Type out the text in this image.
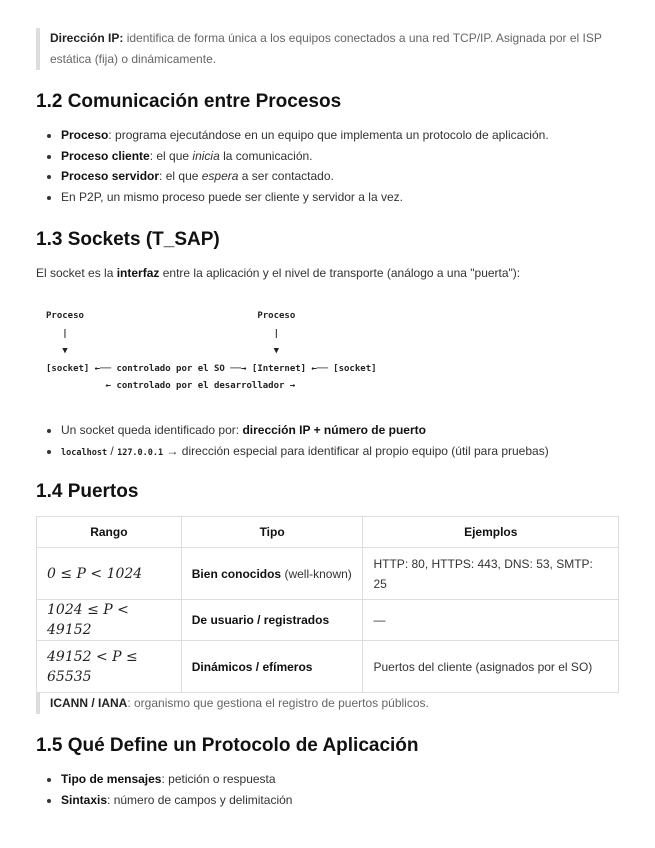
Dirección IP: identifica de forma única a los equipos conectados a una red TCP/IP. Asignada por el ISP estática (fija) o dinámicamente.
1.2 Comunicación entre Procesos
• Proceso: programa ejecutándose en un equipo que implementa un protocolo de aplicación.
• Proceso cliente: el que inicia la comunicación.
• Proceso servidor: el que espera a ser contactado.
• En P2P, un mismo proceso puede ser cliente y servidor a la vez.
1.3 Sockets (T_SAP)

El socket es la interfaz entre la aplicación y el nivel de transporte (análogo a una "puerta"):

Proceso                                Proceso
|                                      |
▼                                      ▼
[socket] ←── controlado por el SO ──→ [Internet] ←── [socket]
← controlado por el desarrollador →
• Un socket queda identificado por: dirección IP + número de puerto
• localhost / 127.0.0.1 → dirección especial para identificar al propio equipo (útil para pruebas)
1.4 Puertos
Rango	Tipo	Ejemplos
0 ≤ P < 1024	Bien conocidos (well-known)	HTTP: 80, HTTPS: 443, DNS: 53, SMTP: 25
1024 ≤ P < 49152	De usuario / registrados	—
49152 < P ≤ 65535	Dinámicos / efímeros	Puertos del cliente (asignados por el SO)
ICANN / IANA: organismo que gestiona el registro de puertos públicos.
1.5 Qué Define un Protocolo de Aplicación
• Tipo de mensajes: petición o respuesta
• Sintaxis: número de campos y delimitación
